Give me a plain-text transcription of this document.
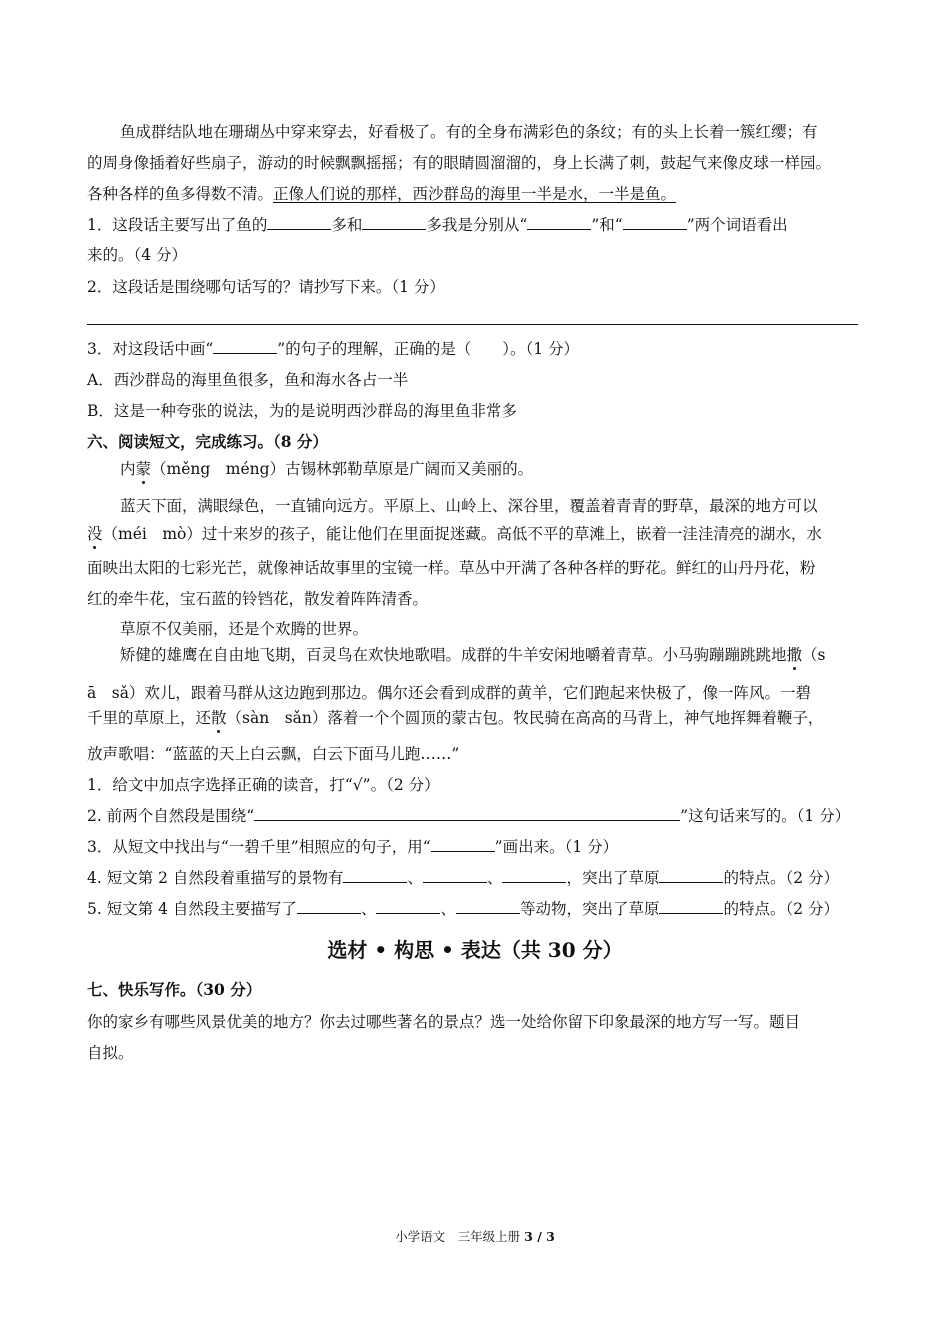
鱼成群结队地在珊瑚丛中穿来穿去，好看极了。有的全身布满彩色的条纹；有的头上长着一簇红缨；有
的周身像插着好些扇子，游动的时候飘飘摇摇；有的眼睛圆溜溜的，身上长满了刺，鼓起气来像皮球一样园。
各种各样的鱼多得数不清。正像人们说的那样，西沙群岛的海里一半是水，一半是鱼。
1．这段话主要写出了鱼的	多和	多我是分别从“	”和“	”两个词语看出
来的。（4 分）
2．这段话是围绕哪句话写的？请抄写下来。（1 分）
3．对这段话中画“	”的句子的理解，正确的是（　　）。（1 分）
A．西沙群岛的海里鱼很多，鱼和海水各占一半
B．这是一种夸张的说法，为的是说明西沙群岛的海里鱼非常多
六、阅读短文，完成练习。（8 分）
内蒙（měng　méng）古锡林郭勒草原是广阔而又美丽的。
蓝天下面，满眼绿色，一直铺向远方。平原上、山岭上、深谷里，覆盖着青青的野草，最深的地方可以
没（méi　mò）过十来岁的孩子，能让他们在里面捉迷藏。高低不平的草滩上，嵌着一洼洼清亮的湖水，水
面映出太阳的七彩光芒，就像神话故事里的宝镜一样。草丛中开满了各种各样的野花。鲜红的山丹丹花，粉
红的牵牛花，宝石蓝的铃铛花，散发着阵阵清香。
草原不仅美丽，还是个欢腾的世界。
矫健的雄鹰在自由地飞期，百灵鸟在欢快地歌唱。成群的牛羊安闲地嚼着青草。小马驹蹦蹦跳跳地撒（s
ā　sǎ）欢儿，跟着马群从这边跑到那边。偶尔还会看到成群的黄羊，它们跑起来快极了，像一阵风。一碧
千里的草原上，还散（sàn　sǎn）落着一个个圆顶的蒙古包。牧民骑在高高的马背上，神气地挥舞着鞭子，
放声歌唱：“蓝蓝的天上白云飘，白云下面马儿跑……”
1．给文中加点字选择正确的读音，打“√”。（2 分）
2. 前两个自然段是围绕“	”这句话来写的。（1 分）
3．从短文中找出与“一碧千里”相照应的句子，用“	”画出来。（1 分）
4. 短文第 2 自然段着重描写的景物有	、	、	，突出了草原	的特点。（2 分）
5. 短文第 4 自然段主要描写了	、	、	等动物，突出了草原	的特点。（2 分）
选材 • 构思 • 表达（共 30 分）
七、快乐写作。（30 分）
你的家乡有哪些风景优美的地方？你去过哪些著名的景点？选一处给你留下印象最深的地方写一写。题目
自拟。
小学语文　三年级上册 3 / 3
